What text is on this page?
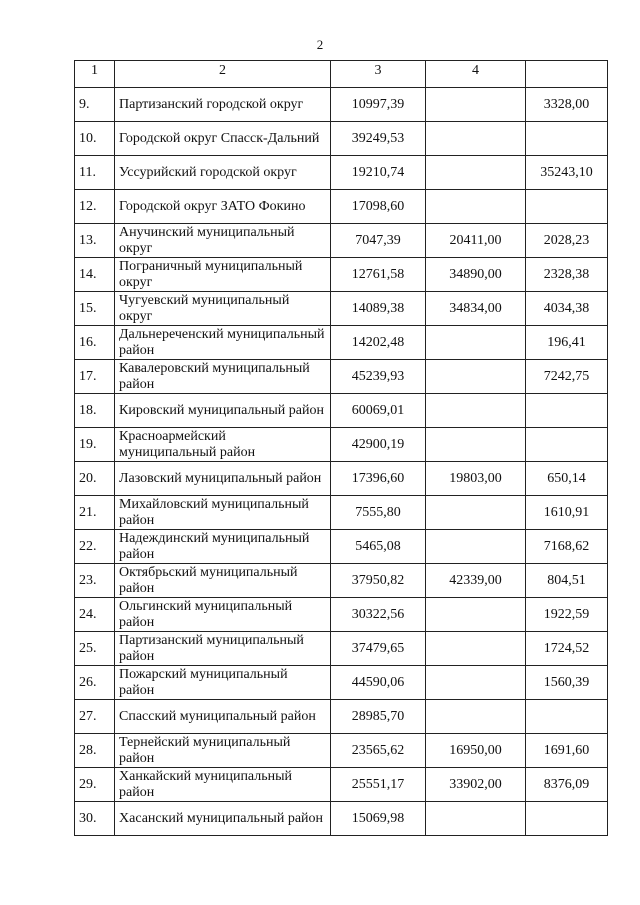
2
1	2	3	4	
9.	Партизанский городской округ	10997,39		3328,00
10.	Городской округ Спасск-Дальний	39249,53		
11.	Уссурийский городской округ	19210,74		35243,10
12.	Городской округ ЗАТО Фокино	17098,60		
13.	Анучинский муниципальный округ	7047,39	20411,00	2028,23
14.	Пограничный муниципальный округ	12761,58	34890,00	2328,38
15.	Чугуевский муниципальный округ	14089,38	34834,00	4034,38
16.	Дальнереченский муниципальный район	14202,48		196,41
17.	Кавалеровский муниципальный район	45239,93		7242,75
18.	Кировский муниципальный район	60069,01		
19.	Красноармейский муниципальный район	42900,19		
20.	Лазовский муниципальный район	17396,60	19803,00	650,14
21.	Михайловский муниципальный район	7555,80		1610,91
22.	Надеждинский муниципальный район	5465,08		7168,62
23.	Октябрьский муниципальный район	37950,82	42339,00	804,51
24.	Ольгинский муниципальный район	30322,56		1922,59
25.	Партизанский муниципальный район	37479,65		1724,52
26.	Пожарский муниципальный район	44590,06		1560,39
27.	Спасский муниципальный район	28985,70		
28.	Тернейский муниципальный район	23565,62	16950,00	1691,60
29.	Ханкайский муниципальный район	25551,17	33902,00	8376,09
30.	Хасанский муниципальный район	15069,98		
